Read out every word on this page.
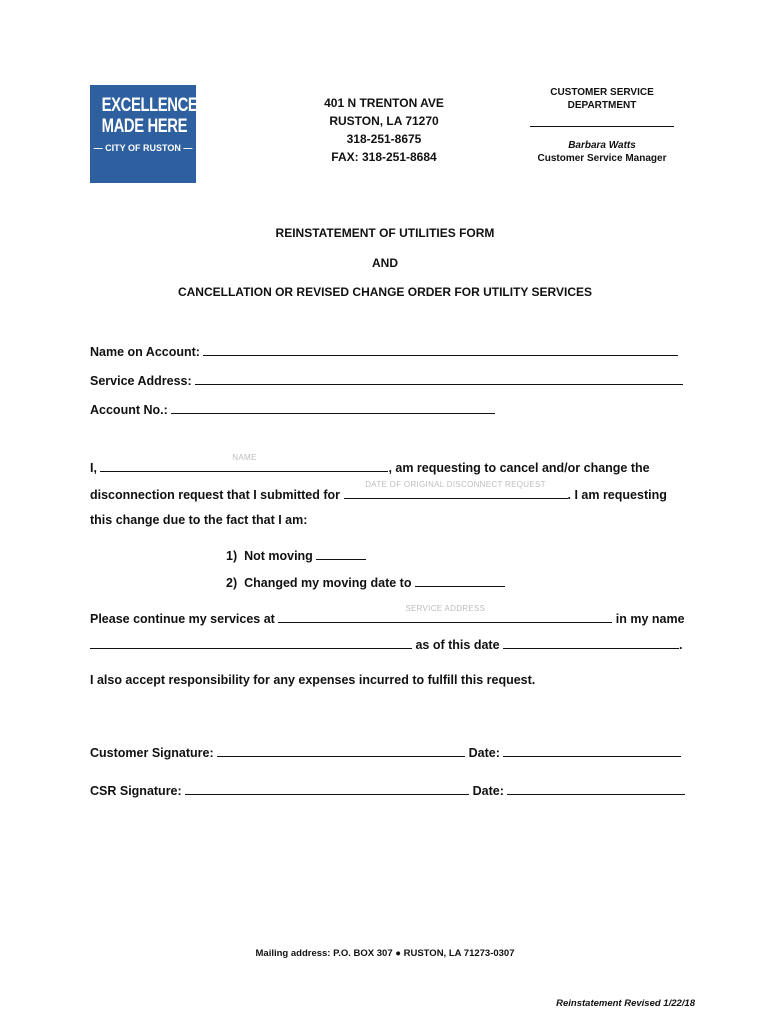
EXCELLENCE
MADE HERE
— CITY OF RUSTON —
401 N TRENTON AVE
RUSTON, LA 71270
318-251-8675
FAX: 318-251-8684
CUSTOMER SERVICE
DEPARTMENT
Barbara Watts
Customer Service Manager
REINSTATEMENT OF UTILITIES FORM
AND
CANCELLATION OR REVISED CHANGE ORDER FOR UTILITY SERVICES
Name on Account:
Service Address:
Account No.:
I,
NAME
, am requesting to cancel and/or change the
disconnection request that I submitted for
DATE OF ORIGINAL DISCONNECT REQUEST
. I am requesting
this change due to the fact that I am:
1) Not moving
2) Changed my moving date to
Please continue my services at
SERVICE ADDRESS
in my name
as of this date	.
I also accept responsibility for any expenses incurred to fulfill this request.
Customer Signature:	Date:
CSR Signature:	Date:
Mailing address: P.O. BOX 307 ● RUSTON, LA 71273-0307
Reinstatement Revised 1/22/18
